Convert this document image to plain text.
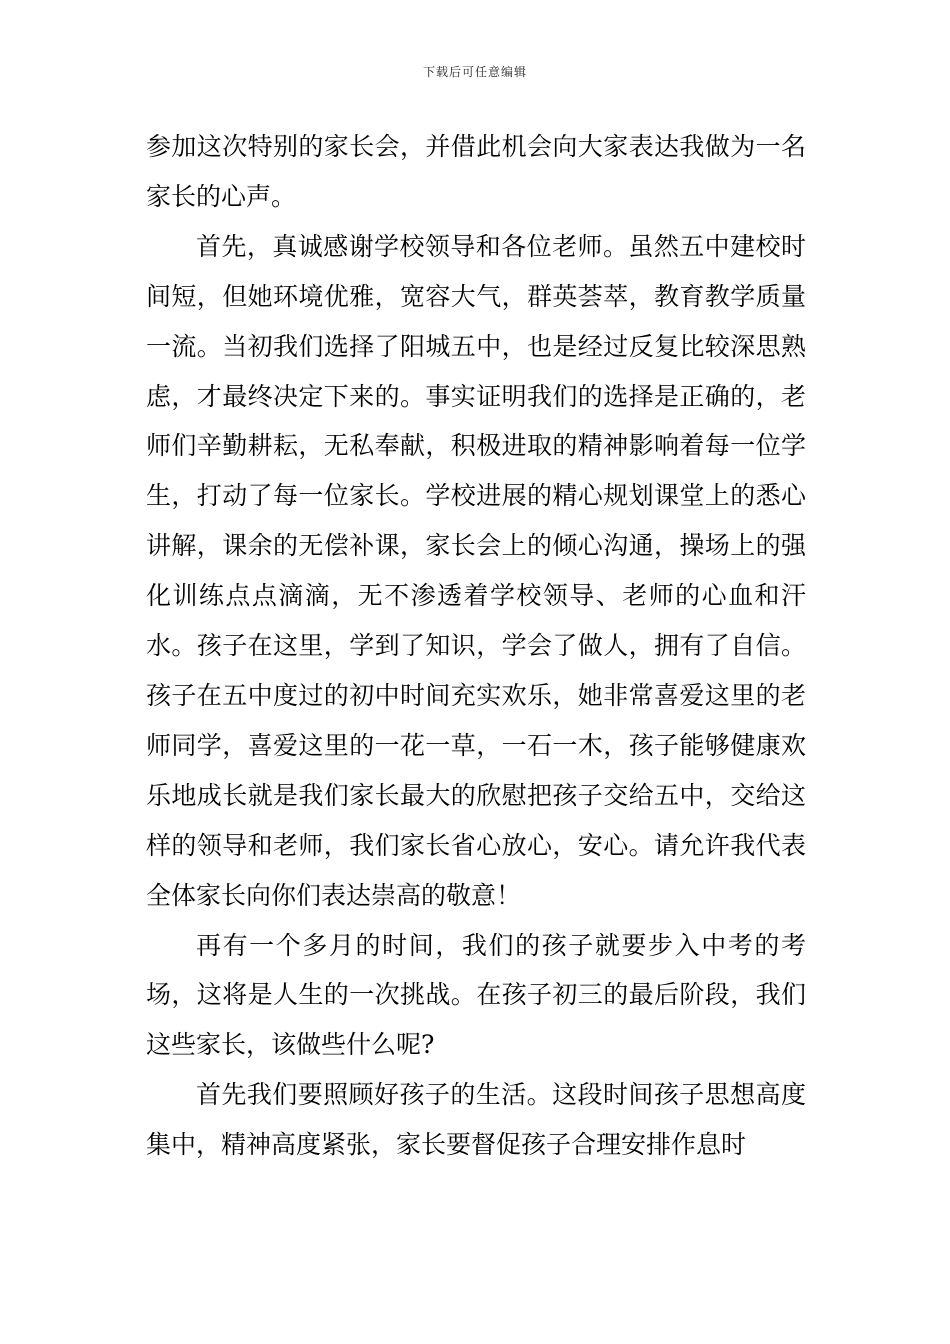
下载后可任意编辑

参加这次特别的家长会，并借此机会向大家表达我做为一名家长的心声。

首先，真诚感谢学校领导和各位老师。虽然五中建校时间短，但她环境优雅，宽容大气，群英荟萃，教育教学质量一流。当初我们选择了阳城五中，也是经过反复比较深思熟虑，才最终决定下来的。事实证明我们的选择是正确的，老师们辛勤耕耘，无私奉献，积极进取的精神影响着每一位学生，打动了每一位家长。学校进展的精心规划课堂上的悉心讲解，课余的无偿补课，家长会上的倾心沟通，操场上的强化训练点点滴滴，无不渗透着学校领导、老师的心血和汗水。孩子在这里，学到了知识，学会了做人，拥有了自信。孩子在五中度过的初中时间充实欢乐，她非常喜爱这里的老师同学，喜爱这里的一花一草，一石一木，孩子能够健康欢乐地成长就是我们家长最大的欣慰把孩子交给五中，交给这样的领导和老师，我们家长省心放心，安心。请允许我代表全体家长向你们表达崇高的敬意！

再有一个多月的时间，我们的孩子就要步入中考的考场，这将是人生的一次挑战。在孩子初三的最后阶段，我们这些家长，该做些什么呢?

首先我们要照顾好孩子的生活。这段时间孩子思想高度集中，精神高度紧张，家长要督促孩子合理安排作息时
